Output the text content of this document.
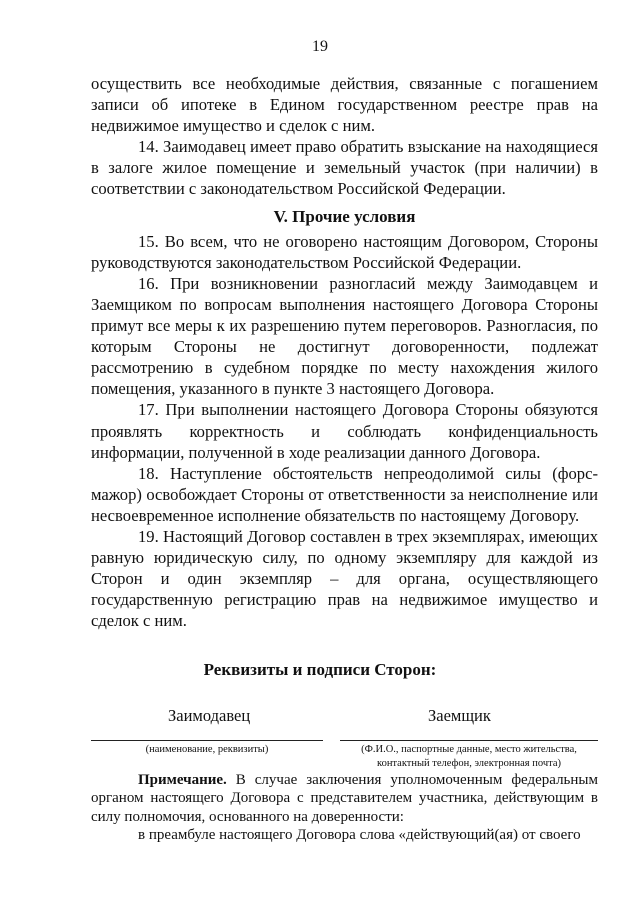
19

осуществить все необходимые действия, связанные с погашением записи об ипотеке в Едином государственном реестре прав на недвижимое имущество и сделок с ним.

14. Заимодавец имеет право обратить взыскание на находящиеся в залоге жилое помещение и земельный участок (при наличии) в соответствии с законодательством Российской Федерации.

V. Прочие условия

15. Во всем, что не оговорено настоящим Договором, Стороны руководствуются законодательством Российской Федерации.

16. При возникновении разногласий между Заимодавцем и Заемщиком по вопросам выполнения настоящего Договора Стороны примут все меры к их разрешению путем переговоров. Разногласия, по которым Стороны не достигнут договоренности, подлежат рассмотрению в судебном порядке по месту нахождения жилого помещения, указанного в пункте 3 настоящего Договора.

17. При выполнении настоящего Договора Стороны обязуются проявлять корректность и соблюдать конфиденциальность информации, полученной в ходе реализации данного Договора.

18. Наступление обстоятельств непреодолимой силы (форс-мажор) освобождает Стороны от ответственности за неисполнение или несвоевременное исполнение обязательств по настоящему Договору.

19. Настоящий Договор составлен в трех экземплярах, имеющих равную юридическую силу, по одному экземпляру для каждой из Сторон и один экземпляр – для органа, осуществляющего государственную регистрацию прав на недвижимое имущество и сделок с ним.

Реквизиты и подписи Сторон:
Заимодавец	Заемщик
(наименование, реквизиты)	(Ф.И.О., паспортные данные, место жительства,
контактный телефон, электронная почта)

Примечание. В случае заключения уполномоченным федеральным органом настоящего Договора с представителем участника, действующим в силу полномочия, основанного на доверенности:

в преамбуле настоящего Договора слова «действующий(ая) от своего
